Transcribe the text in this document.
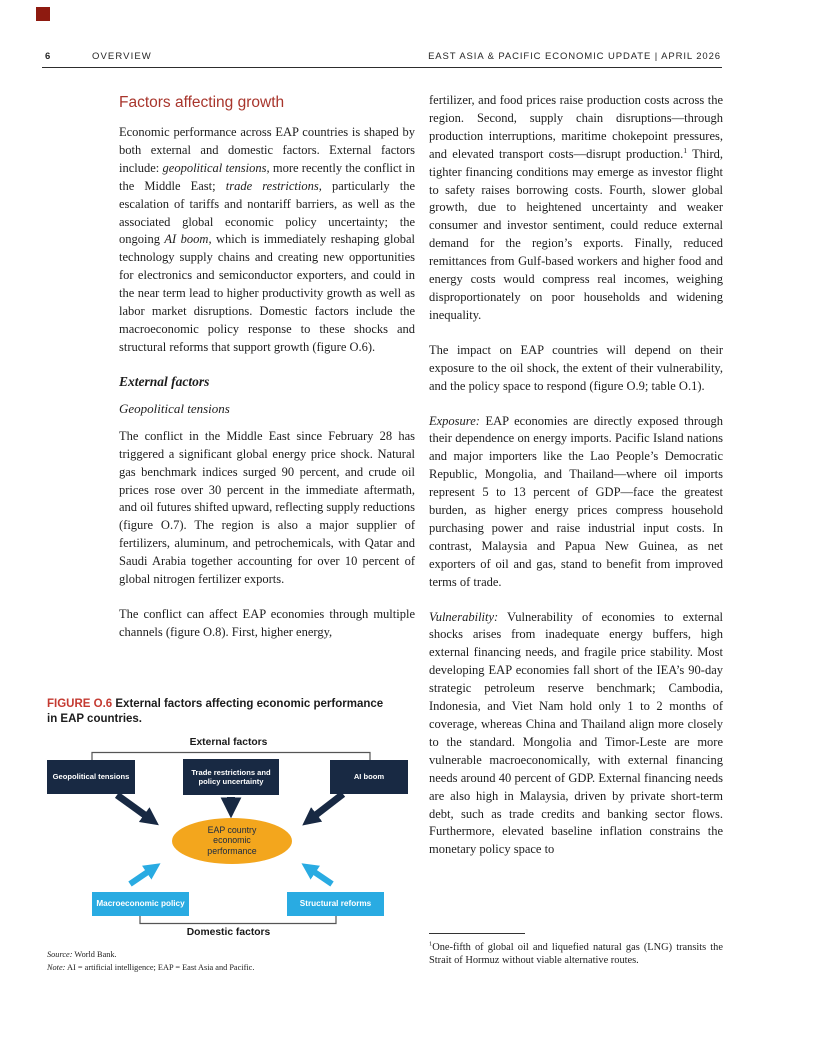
6	OVERVIEW	EAST ASIA & PACIFIC ECONOMIC UPDATE | APRIL 2026
Factors affecting growth

Economic performance across EAP countries is shaped by both external and domestic factors. External factors include: geopolitical tensions, more recently the conflict in the Middle East; trade restrictions, particularly the escalation of tariffs and nontariff barriers, as well as the associated global economic policy uncertainty; the ongoing AI boom, which is immediately reshaping global technology supply chains and creating new opportunities for electronics and semiconductor exporters, and could in the near term lead to higher productivity growth as well as labor market disruptions. Domestic factors include the macroeconomic policy response to these shocks and structural reforms that support growth (figure O.6).

External factors
Geopolitical tensions

The conflict in the Middle East since February 28 has triggered a significant global energy price shock. Natural gas benchmark indices surged 90 percent, and crude oil prices rose over 30 percent in the immediate aftermath, and oil futures shifted upward, reflecting supply reductions (figure O.7). The region is also a major supplier of fertilizers, aluminum, and petrochemicals, with Qatar and Saudi Arabia together accounting for over 10 percent of global nitrogen fertilizer exports.

The conflict can affect EAP economies through multiple channels (figure O.8). First, higher energy,

fertilizer, and food prices raise production costs across the region. Second, supply chain disruptions—through production interruptions, maritime chokepoint pressures, and elevated transport costs—disrupt production.$^1$ Third, tighter financing conditions may emerge as investor flight to safety raises borrowing costs. Fourth, slower global growth, due to heightened uncertainty and weaker consumer and investor sentiment, could reduce external demand for the region’s exports. Finally, reduced remittances from Gulf-based workers and higher food and energy costs would compress real incomes, weighing disproportionately on poor households and widening inequality.

The impact on EAP countries will depend on their exposure to the oil shock, the extent of their vulnerability, and the policy space to respond (figure O.9; table O.1).

Exposure: EAP economies are directly exposed through their dependence on energy imports. Pacific Island nations and major importers like the Lao People’s Democratic Republic, Mongolia, and Thailand—where oil imports represent 5 to 13 percent of GDP—face the greatest burden, as higher energy prices compress household purchasing power and raise industrial input costs. In contrast, Malaysia and Papua New Guinea, as net exporters of oil and gas, stand to benefit from improved terms of trade.

Vulnerability: Vulnerability of economies to external shocks arises from inadequate energy buffers, high external financing needs, and fragile price stability. Most developing EAP economies fall short of the IEA’s 90-day strategic petroleum reserve benchmark; Cambodia, Indonesia, and Viet Nam hold only 1 to 2 months of coverage, whereas China and Thailand align more closely to the standard. Mongolia and Timor-Leste are more vulnerable macroeconomically, with external financing needs around 40 percent of GDP. External financing needs are also high in Malaysia, driven by private short-term debt, such as trade credits and banking sector flows. Furthermore, elevated baseline inflation constrains the monetary policy space to

FIGURE O.6 External factors affecting economic performance in EAP countries.
External factors
Geopolitical tensions
Trade restrictions and policy uncertainty
AI boom
EAP country
economic
performance
Macroeconomic policy	Structural reforms
Domestic factors
Source: World Bank.
Note: AI = artificial intelligence; EAP = East Asia and Pacific.

$^1$One-fifth of global oil and liquefied natural gas (LNG) transits the Strait of Hormuz without viable alternative routes.
